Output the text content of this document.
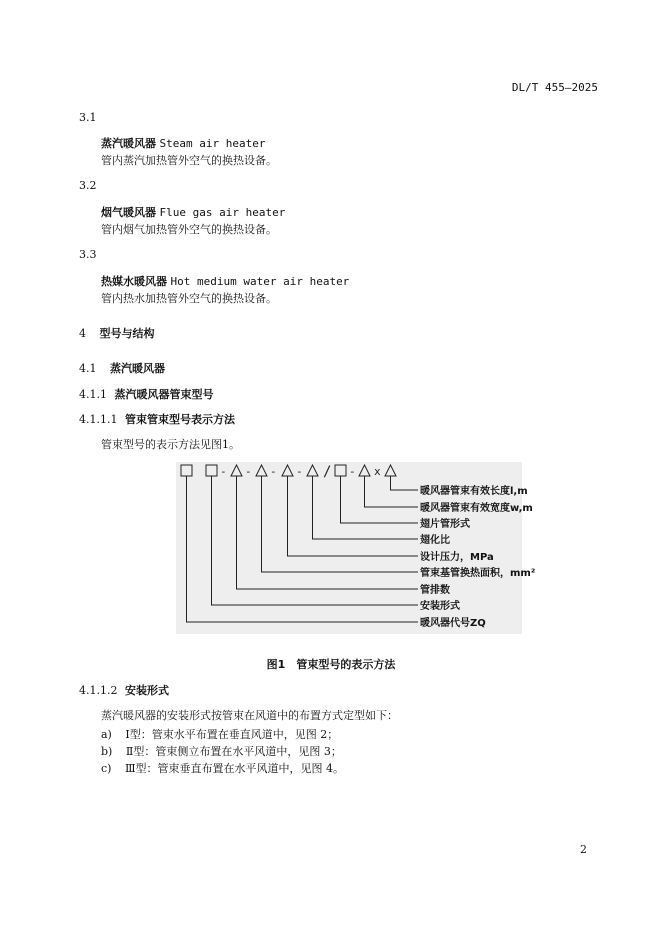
DL/T 455—2025
3.1
蒸汽暖风器 Steam air heater
管内蒸汽加热管外空气的换热设备。
3.2
烟气暖风器 Flue gas air heater
管内烟气加热管外空气的换热设备。
3.3
热媒水暖风器 Hot medium water air heater
管内热水加热管外空气的换热设备。
4 型号与结构
4.1 蒸汽暖风器
4.1.1 蒸汽暖风器管束型号
4.1.1.1 管束管束型号表示方法
管束型号的表示方法见图1。
- - - - / - x
暖风器管束有效长度l,m
暖风器管束有效宽度w,m
翅片管形式
翅化比
设计压力，MPa
管束基管换热面积，mm²
管排数
安装形式
暖风器代号ZQ
图1　管束型号的表示方法
4.1.1.2 安装形式
蒸汽暖风器的安装形式按管束在风道中的布置方式定型如下：
a) Ⅰ型：管束水平布置在垂直风道中，见图 2；
b) Ⅱ型：管束侧立布置在水平风道中，见图 3；
c) Ⅲ型：管束垂直布置在水平风道中，见图 4。
2
